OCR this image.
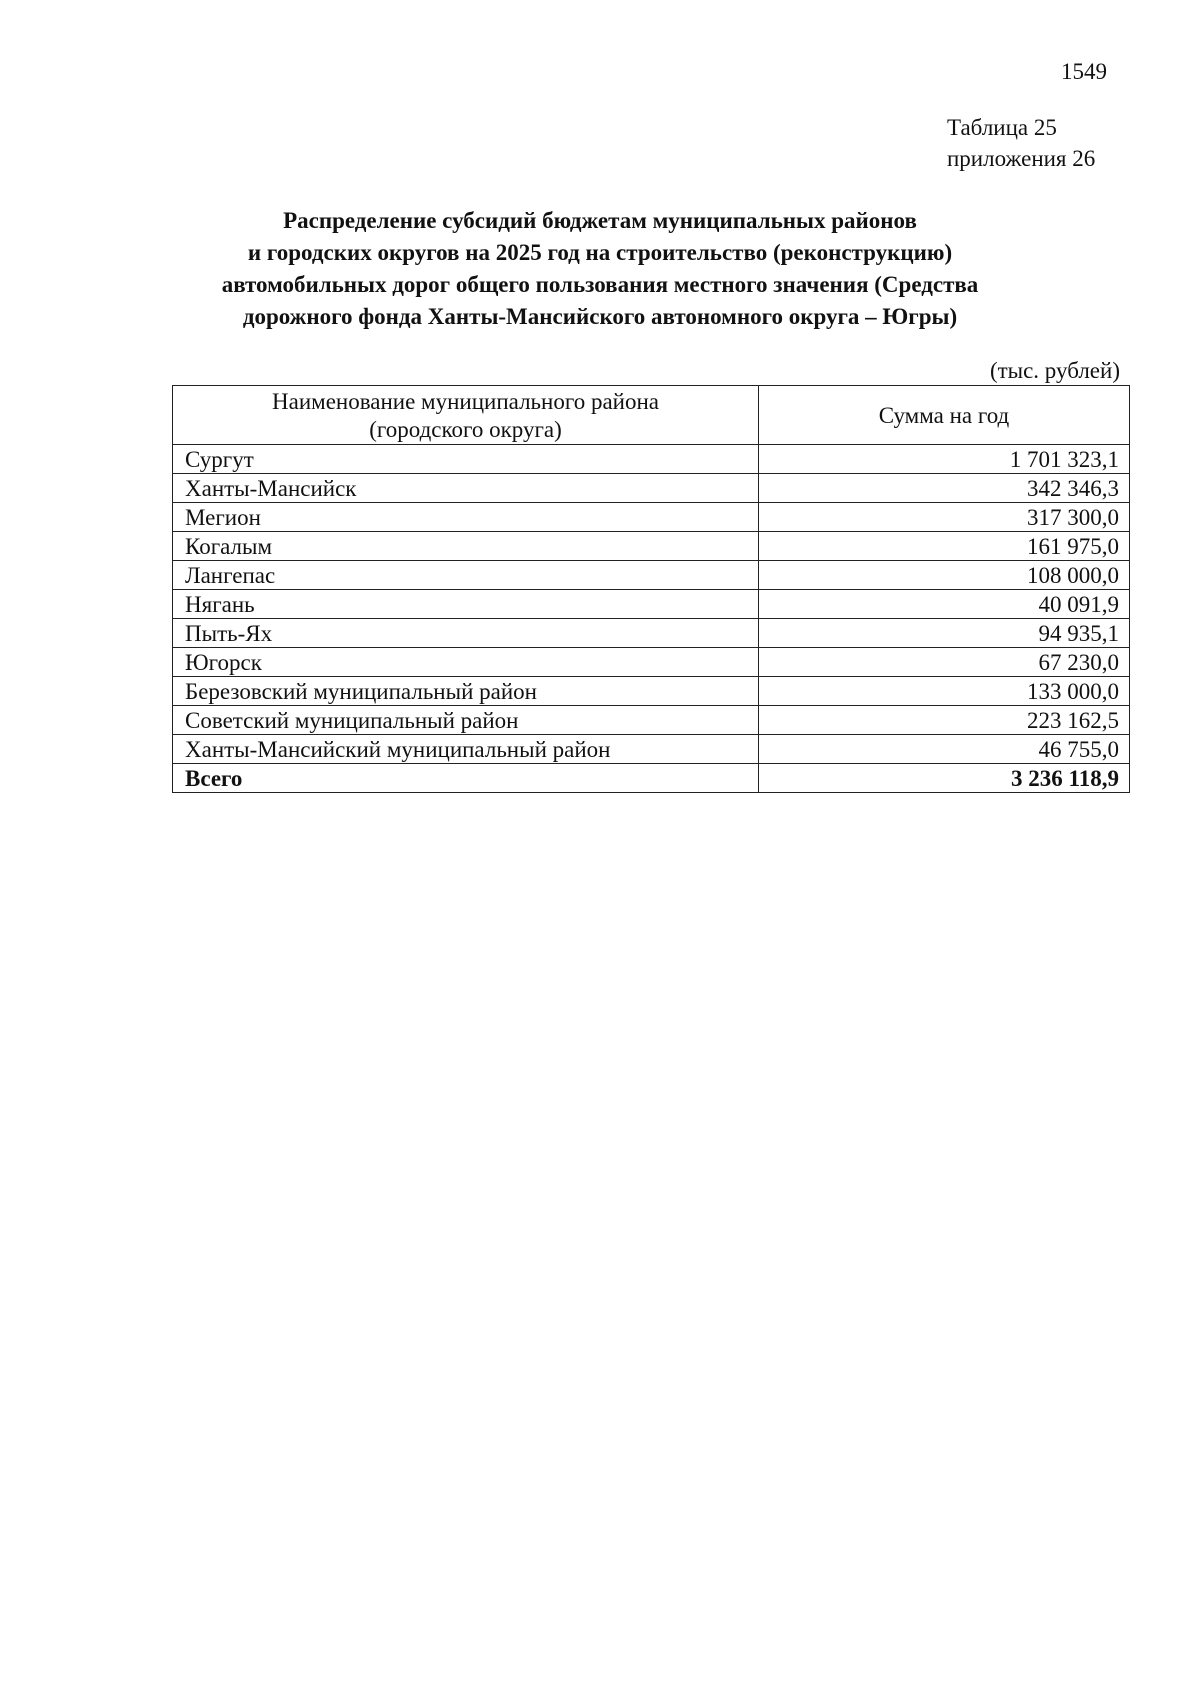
1549
Таблица 25
приложения 26
Распределение субсидий бюджетам муниципальных районов
и городских округов на 2025 год на строительство (реконструкцию)
автомобильных дорог общего пользования местного значения (Средства
дорожного фонда Ханты-Мансийского автономного округа – Югры)
(тыс. рублей)
Наименование муниципального района
(городского округа)	Сумма на год
Сургут	1 701 323,1
Ханты-Мансийск	342 346,3
Мегион	317 300,0
Когалым	161 975,0
Лангепас	108 000,0
Нягань	40 091,9
Пыть-Ях	94 935,1
Югорск	67 230,0
Березовский муниципальный район	133 000,0
Советский муниципальный район	223 162,5
Ханты-Мансийский муниципальный район	46 755,0
Всего	3 236 118,9
